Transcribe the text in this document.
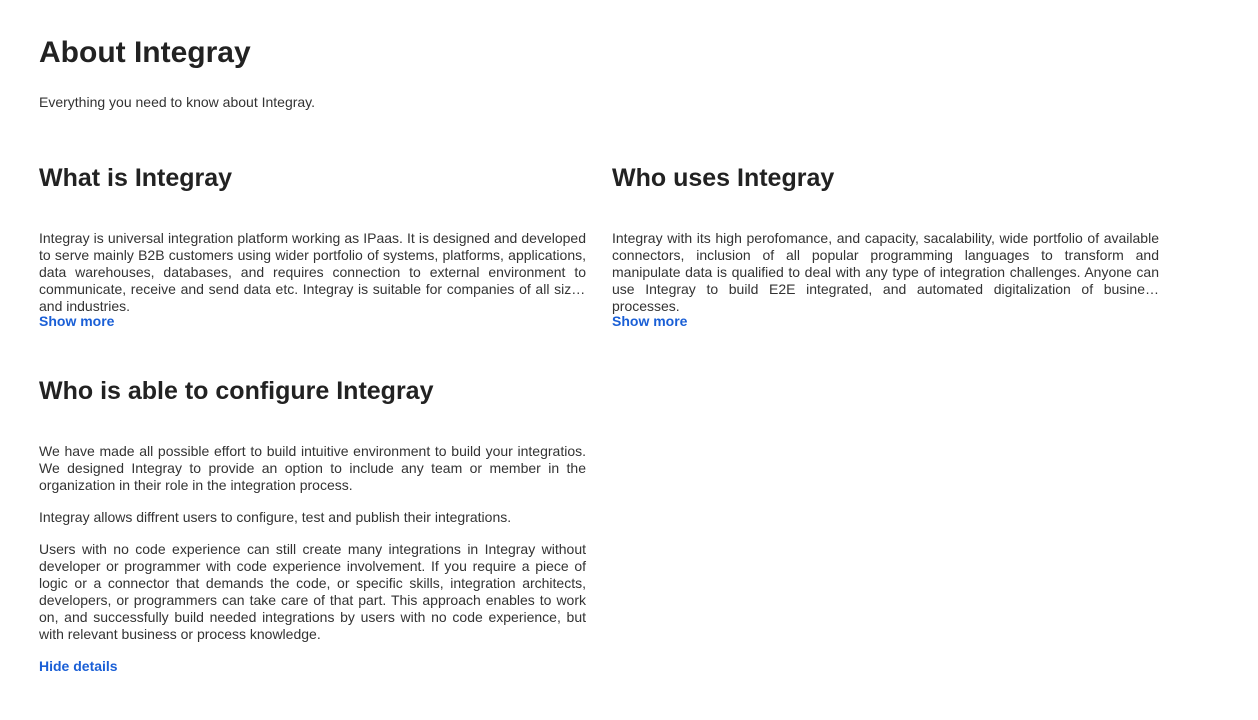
About Integray

Everything you need to know about Integray.

What is Integray

Integray is universal integration platform working as IPaas. It is designed and developed to serve mainly B2B customers using wider portfolio of systems, platforms, applications, data warehouses, databases, and requires connection to external environment to communicate, receive and send data etc. Integray is suitable for companies of all sizes and industries.

Show more
Who uses Integray

Integray with its high perofomance, and capacity, sacalability, wide portfolio of available connectors, inclusion of all popular programming languages to transform and manipulate data is qualified to deal with any type of integration challenges. Anyone can use Integray to build E2E integrated, and automated digitalization of business processes.

Show more
Who is able to configure Integray

We have made all possible effort to build intuitive environment to build your integratios. We designed Integray to provide an option to include any team or member in the organization in their role in the integration process.

Integray allows diffrent users to configure, test and publish their integrations.

Users with no code experience can still create many integrations in Integray without developer or programmer with code experience involvement. If you require a piece of logic or a connector that demands the code, or specific skills, integration architects, developers, or programmers can take care of that part. This approach enables to work on, and successfully build needed integrations by users with no code experience, but with relevant business or process knowledge.

Hide details
